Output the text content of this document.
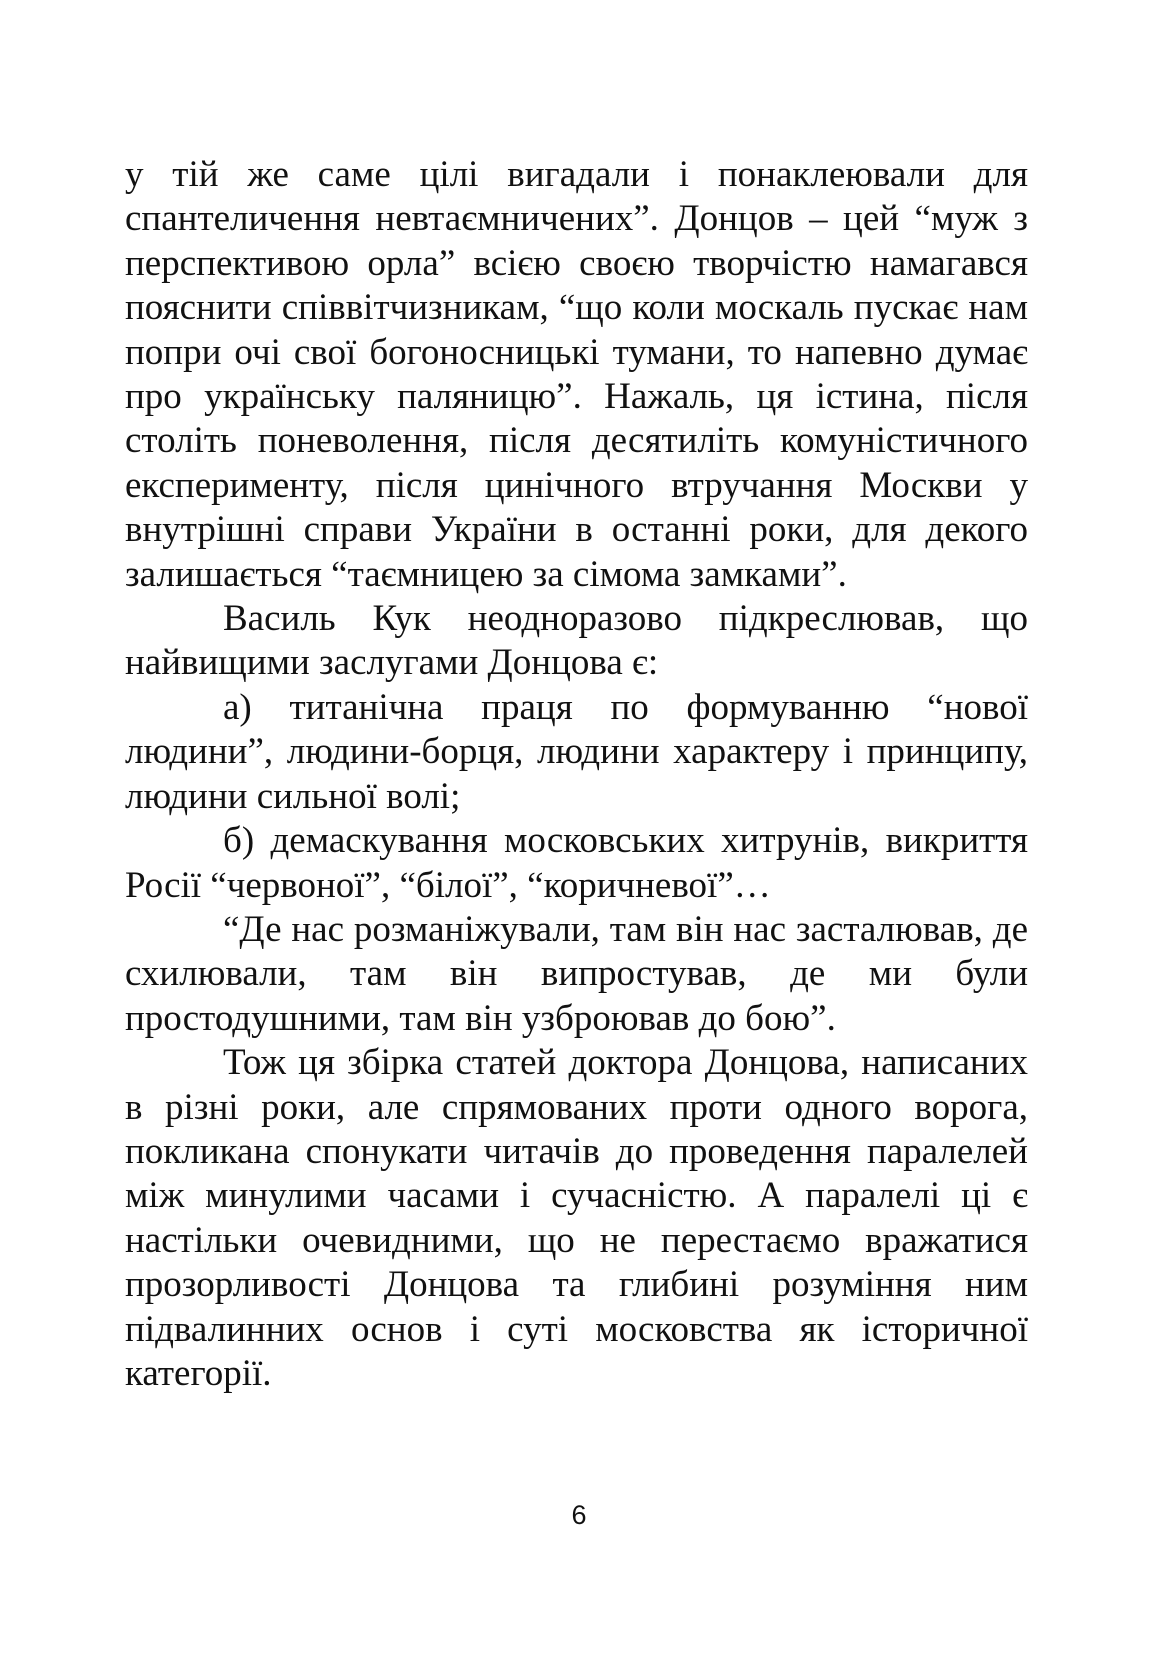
у тій же саме цілі вигадали і понаклеювали для спантеличення невтаємничених”. Донцов – цей “муж з перспективою орла” всією своєю творчістю намагався пояснити співвітчизникам, “що коли москаль пускає нам попри очі свої богоносницькі тумани, то напевно думає про українську паляницю”. Нажаль, ця істина, після століть поневолення, після десятиліть комуністичного експерименту, після цинічного втручання Москви у внутрішні справи України в останні роки, для декого залишається “таємницею за сімома замками”.

Василь Кук неодноразово підкреслював, що найвищими заслугами Донцова є:

а) титанічна праця по формуванню “нової людини”, людини-борця, людини характеру і принципу, людини сильної волі;

б) демаскування московських хитрунів, викриття Росії “червоної”, “білої”, “коричневої”…

“Де нас розманіжували, там він нас засталював, де схилювали, там він випростував, де ми були простодушними, там він узброював до бою”.

Тож ця збірка статей доктора Донцова, написаних в різні роки, але спрямованих проти одного ворога, покликана спонукати читачів до проведення паралелей між минулими часами і сучасністю. А паралелі ці є настільки очевидними, що не перестаємо вражатися прозорливості Донцова та глибині розуміння ним підвалинних основ і суті московства як історичної категорії.

6
